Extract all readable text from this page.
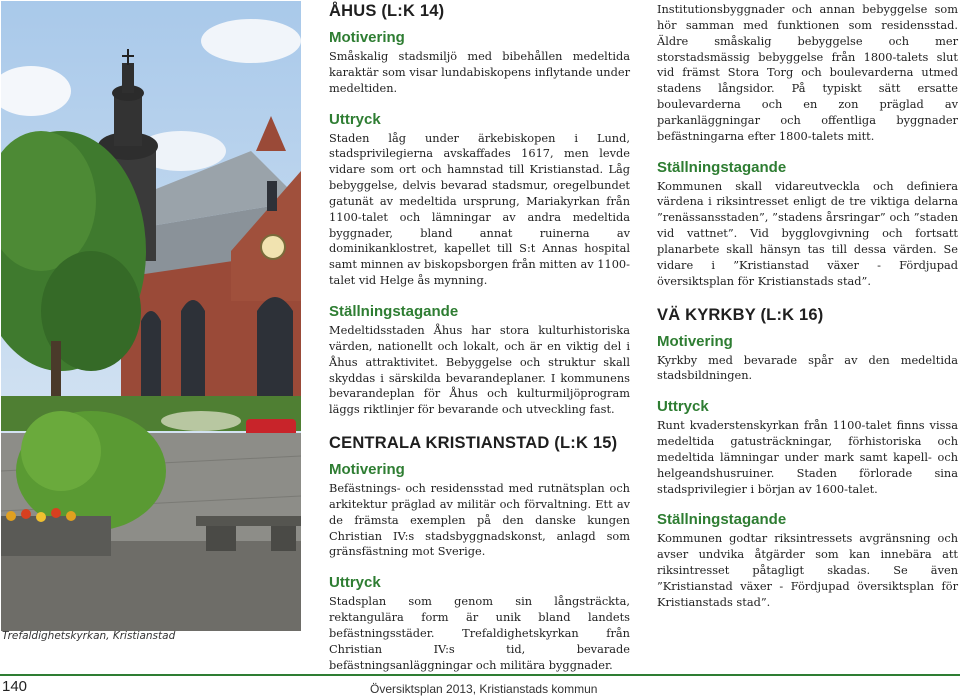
Trefaldighetskyrkan, Kristianstad
ÅHUS (L:K 14)
Motivering

Småskalig stadsmiljö med bibehållen medeltida karaktär som visar lundabiskopens inflytande under medeltiden.

Uttryck

Staden låg under ärkebiskopen i Lund, stadsprivilegierna avskaffades 1617, men levde vidare som ort och hamnstad till Kristianstad. Låg bebyggelse, delvis bevarad stadsmur, oregelbundet gatunät av medeltida ursprung, Mariakyrkan från 1100-talet och lämningar av andra medeltida byggnader, bland annat ruinerna av dominikanklostret, kapellet till S:t Annas hospital samt minnen av biskopsborgen från mitten av 1100-talet vid Helge ås mynning.

Ställningstagande

Medeltidsstaden Åhus har stora kulturhistoriska värden, nationellt och lokalt, och är en viktig del i Åhus attraktivitet. Bebyggelse och struktur skall skyddas i särskilda bevarandeplaner. I kommunens bevarandeplan för Åhus och kulturmiljöprogram läggs riktlinjer för bevarande och utveckling fast.

CENTRALA KRISTIANSTAD (L:K 15)
Motivering

Befästnings- och residensstad med rutnätsplan och arkitektur präglad av militär och förvaltning. Ett av de främsta exemplen på den danske kungen Christian IV:s stadsbyggnadskonst, anlagd som gränsfästning mot Sverige.

Uttryck

Stadsplan som genom sin långsträckta, rektangulära form är unik bland landets befästningsstäder. Trefaldighetskyrkan från Christian IV:s tid, bevarade befästningsanläggningar och militära byggnader.

Institutionsbyggnader och annan bebyggelse som hör samman med funktionen som residensstad. Äldre småskalig bebyggelse och mer storstadsmässig bebyggelse från 1800-talets slut vid främst Stora Torg och boulevarderna utmed stadens långsidor. På typiskt sätt ersatte boulevarderna och en zon präglad av parkanläggningar och offentliga byggnader befästningarna efter 1800-talets mitt.

Ställningstagande

Kommunen skall vidareutveckla och definiera värdena i riksintresset enligt de tre viktiga delarna ”renässansstaden”, ”stadens årsringar” och ”staden vid vattnet”. Vid bygglovgivning och fortsatt planarbete skall hänsyn tas till dessa värden. Se vidare i ”Kristianstad växer - Fördjupad översiktsplan för Kristianstads stad”.

VÄ KYRKBY (L:K 16)
Motivering

Kyrkby med bevarade spår av den medeltida stadsbildningen.

Uttryck

Runt kvaderstenskyrkan från 1100-talet finns vissa medeltida gatusträckningar, förhistoriska och medeltida lämningar under mark samt kapell- och helgeandshusruiner. Staden förlorade sina stadsprivilegier i början av 1600-talet.

Ställningstagande

Kommunen godtar riksintressets avgränsning och avser undvika åtgärder som kan innebära att riksintresset påtagligt skadas. Se även ”Kristianstad växer - Fördjupad översiktsplan för Kristianstads stad”.

140	Översiktsplan 2013, Kristianstads kommun
